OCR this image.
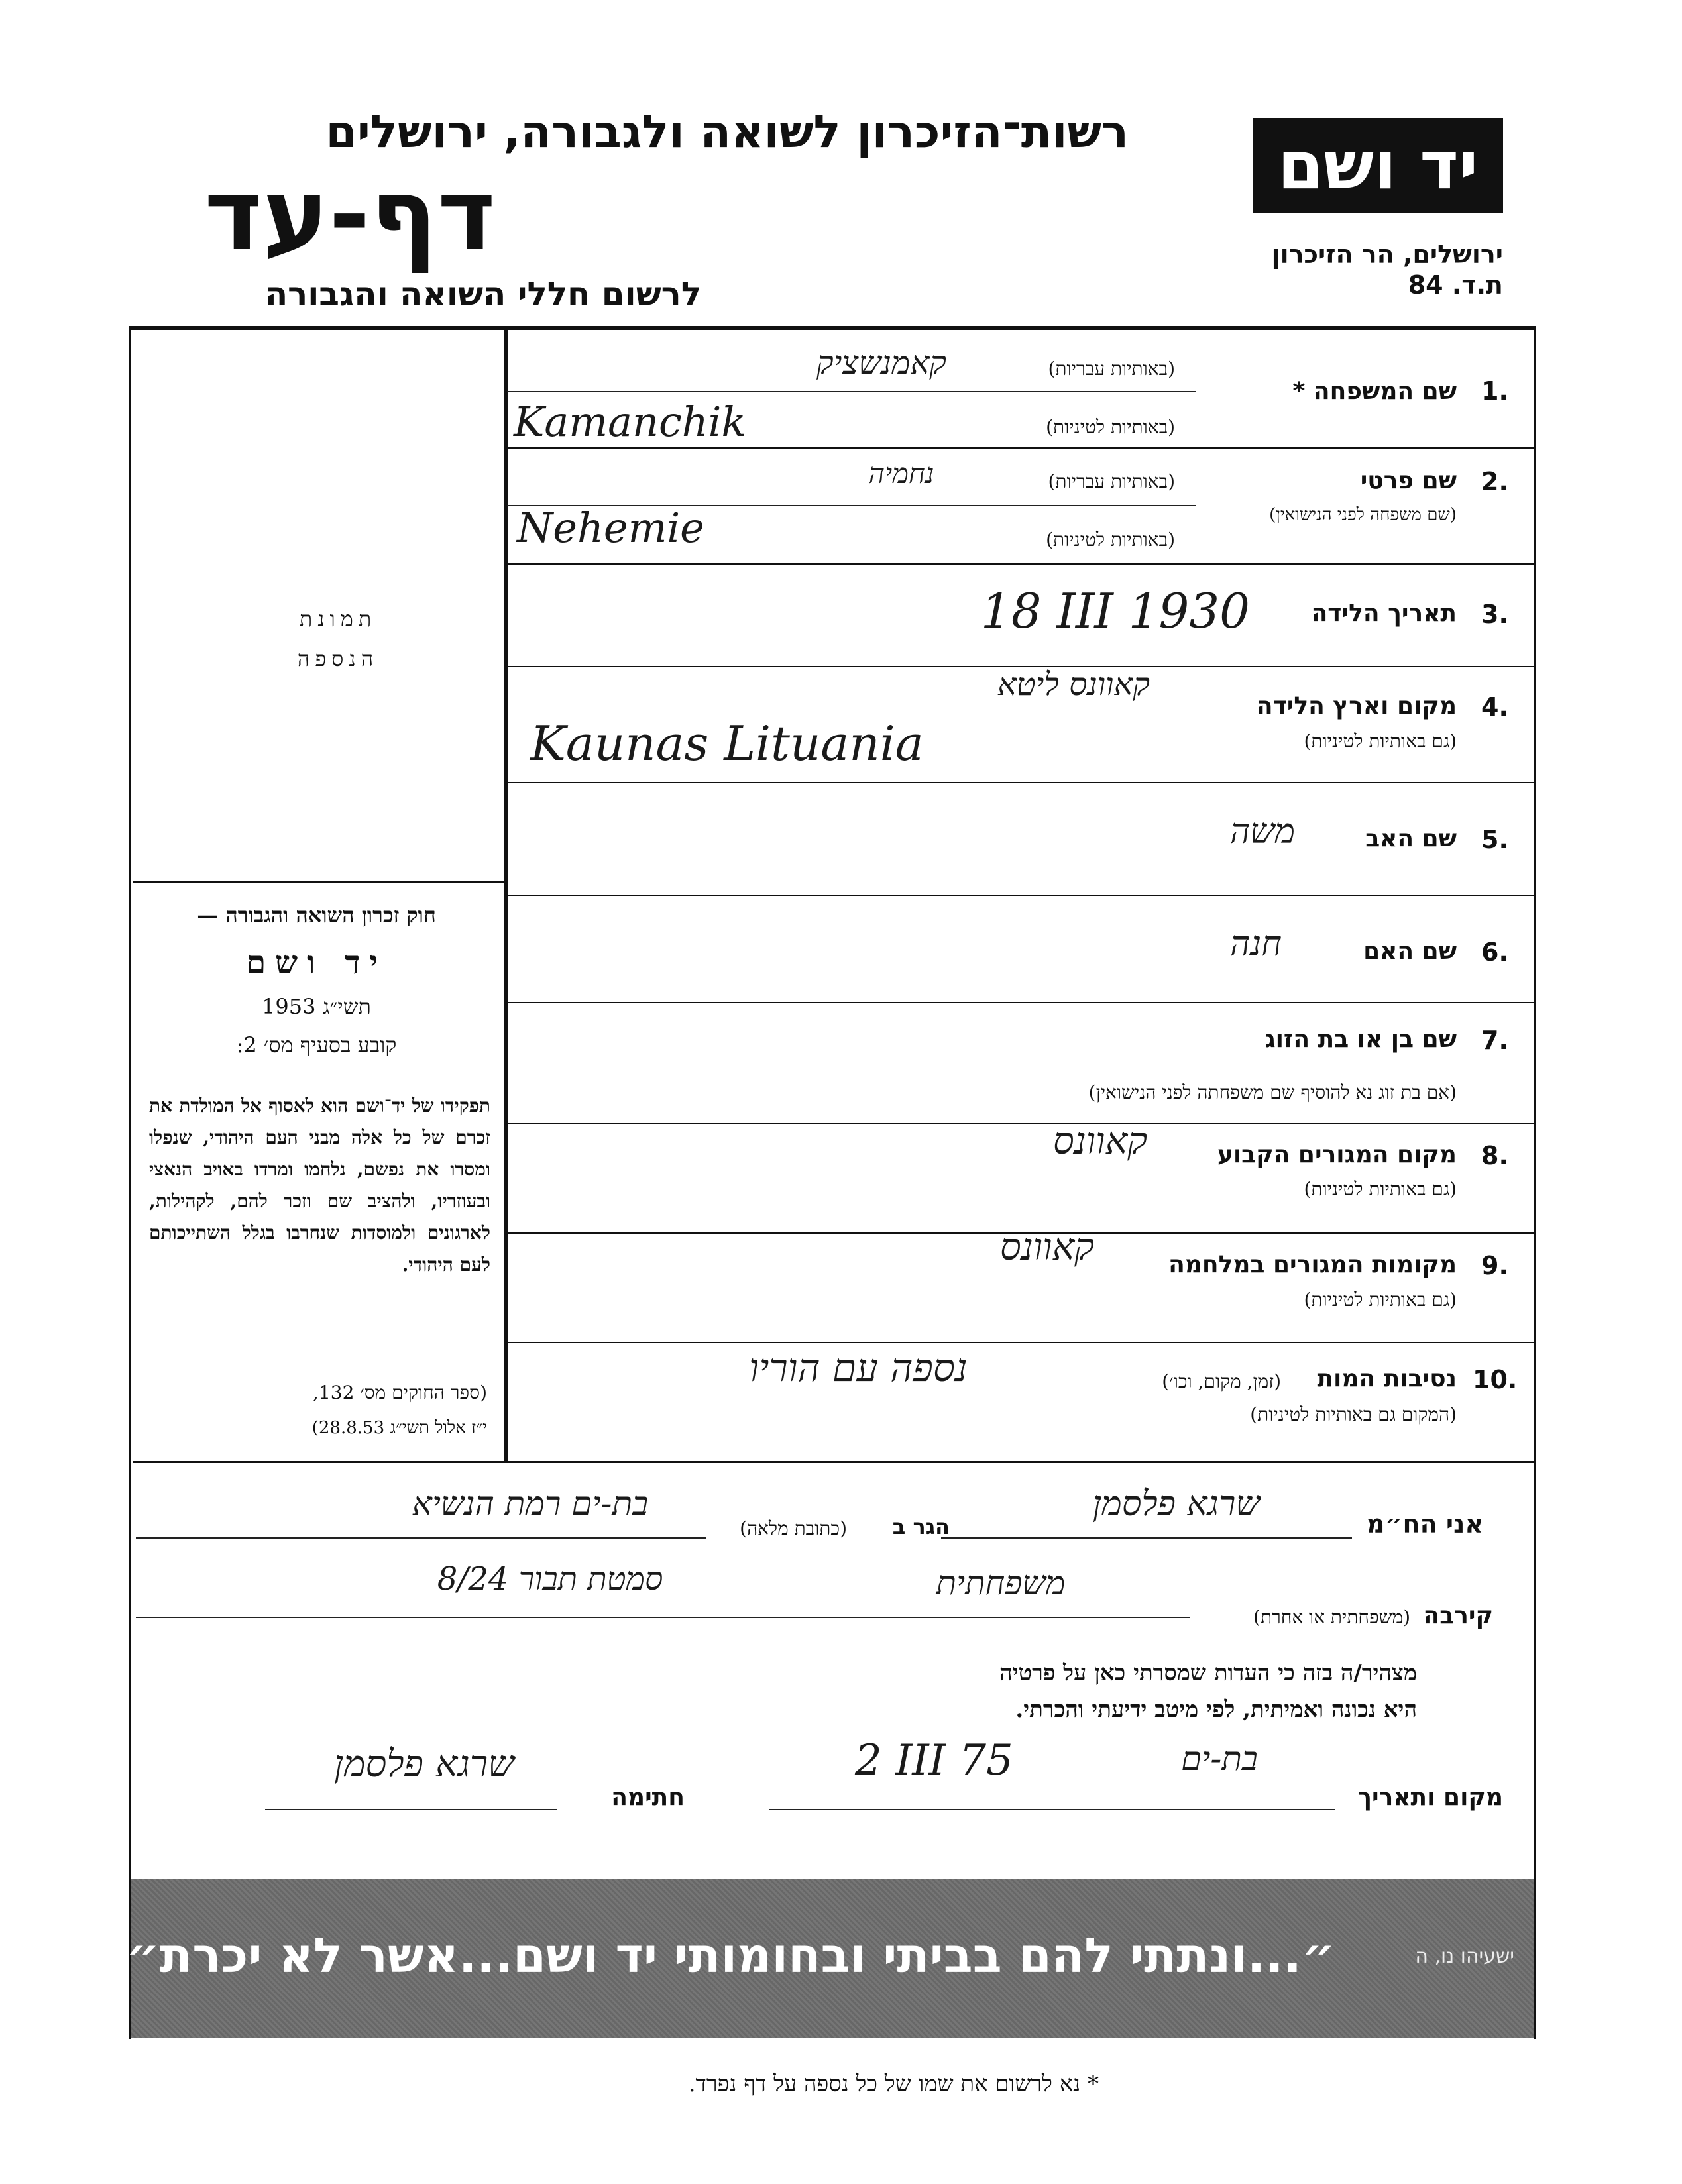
רשות־הזיכרון לשואה ולגבורה, ירושלים
דף-עד
לרשום חללי השואה והגבורה
יד ושם
ירושלים, הר הזיכרון
ת.ד. 84
תמונת
הנספה
חוק זכרון השואה והגבורה —
יד ושם
תשי״ג 1953
קובע בסעיף מס׳ 2:
תפקידו של יד־ושם הוא לאסוף אל המולדת את זכרם של כל אלה מבני העם היהודי, שנפלו ומסרו את נפשם, נלחמו ומרדו באויב הנאצי ובעוזריו, ולהציב שם וזכר להם, לקהילות, לארגונים ולמוסדות שנחרבו בגלל השתייכותם לעם היהודי.
(ספר החוקים מס׳ 132,
י״ז אלול תשי״ג 28.8.53)
1.
שם המשפחה *
(באותיות עבריות)
(באותיות לטיניות)
קאמנשציק
Kamanchik
2.
שם פרטי
(שם משפחה לפני הנישואין)
(באותיות עבריות)
(באותיות לטיניות)
נחמיה
Nehemie
3.
תאריך הלידה
18 III 1930
4.
מקום וארץ הלידה
(גם באותיות לטיניות)
קאוונס ליטא
Kaunas Lituania
5.
שם האב
משה
6.
שם האם
חנה
7.
שם בן או בת הזוג
(אם בת זוג נא להוסיף שם משפחתה לפני הנישואין)
8.
מקום המגורים הקבוע
(גם באותיות לטיניות)
קאוונס
9.
מקומות המגורים במלחמה
(גם באותיות לטיניות)
קאוונס
10.
נסיבות המות
(זמן, מקום, וכו׳)
(המקום גם באותיות לטיניות)
נספה עם הוריו
אני הח״מ
שרגא פלסמן
הגר ב
(כתובת מלאה)
בת-ים רמת הנשיא
סמטת תבור 8/24
קירבה
(משפחתית או אחרת)
משפחתית
מצהיר/ה בזה כי העדות שמסרתי כאן על פרטיה
היא נכונה ואמיתית, לפי מיטב ידיעתי והכרתי.
מקום ותאריך
בת-ים
2 III 75
חתימה
שרגא פלסמן
״...ונתתי להם בביתי ובחומותי יד ושם...אשר לא יכרת״	ישעיהו נו, ה
* נא לרשום את שמו של כל נספה על דף נפרד.
